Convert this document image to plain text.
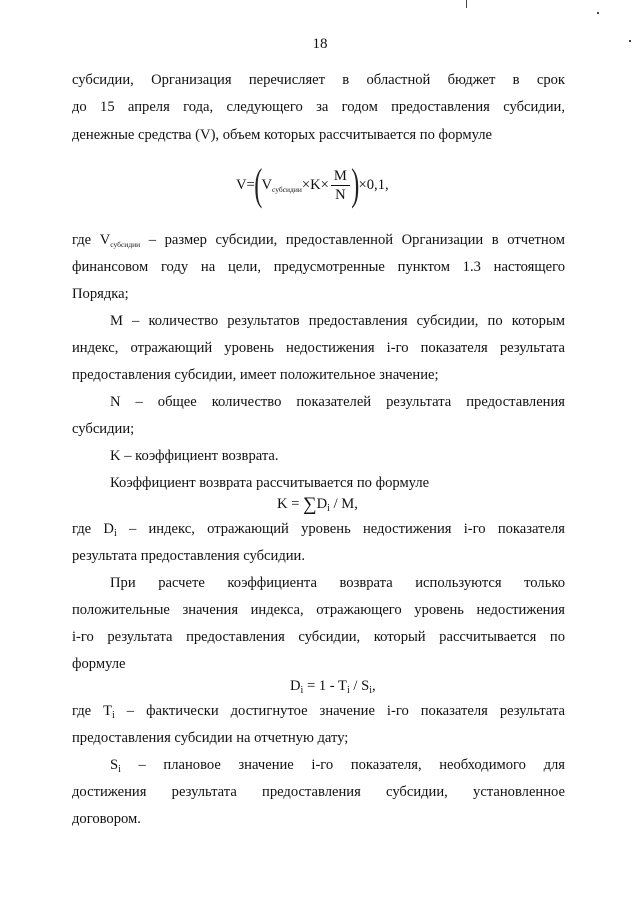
18
субсидии, Организация перечисляет в областной бюджет в срок
до 15 апреля года, следующего за годом предоставления субсидии,
денежные средства (V), объем которых рассчитывается по формуле
V= ( $V_{субсидии} \times K\times \frac{M}{N}$ ) ×0,1,
где $V_{субсидии}$ – размер субсидии, предоставленной Организации в отчетном
финансовом году на цели, предусмотренные пунктом 1.3 настоящего
Порядка;
М – количество результатов предоставления субсидии, по которым
индекс, отражающий уровень недостижения i-го показателя результата
предоставления субсидии, имеет положительное значение;
N – общее количество показателей результата предоставления
субсидии;
K – коэффициент возврата.
Коэффициент возврата рассчитывается по формуле
$K = \sum D_i / M$,
где $D_i$ – индекс, отражающий уровень недостижения i-го показателя
результата предоставления субсидии.
При расчете коэффициента возврата используются только
положительные значения индекса, отражающего уровень недостижения
i-го результата предоставления субсидии, который рассчитывается по
формуле
$D_i = 1 - T_i / S_i$,
где $T_i$ – фактически достигнутое значение i-го показателя результата
предоставления субсидии на отчетную дату;
$S_i$ – плановое значение i-го показателя, необходимого для
достижения результата предоставления субсидии, установленное
договором.
